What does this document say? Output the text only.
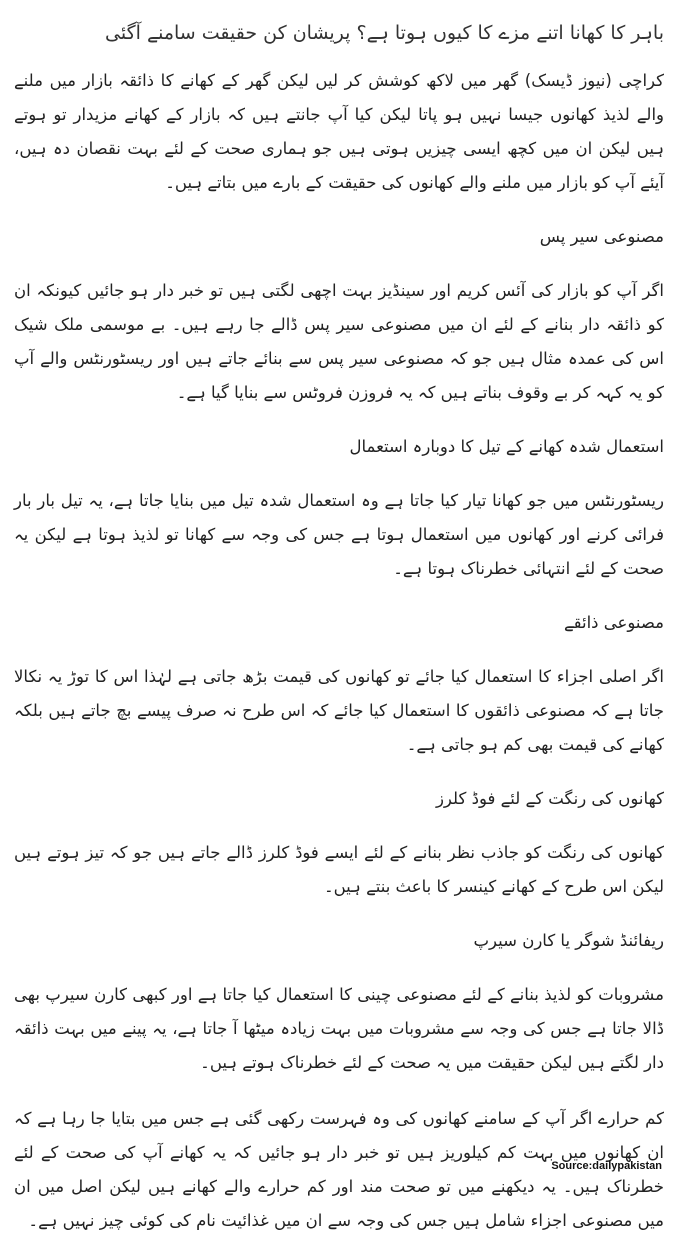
باہر کا کھانا اتنے مزے کا کیوں ہوتا ہے؟ پریشان کن حقیقت سامنے آگئی

کراچی (نیوز ڈیسک) گھر میں لاکھ کوشش کر لیں لیکن گھر کے کھانے کا ذائقہ بازار میں ملنے والے لذیذ کھانوں جیسا نہیں ہو پاتا لیکن کیا آپ جانتے ہیں کہ بازار کے کھانے مزیدار تو ہوتے ہیں لیکن ان میں کچھ ایسی چیزیں ہوتی ہیں جو ہماری صحت کے لئے بہت نقصان دہ ہیں، آیئے آپ کو بازار میں ملنے والے کھانوں کی حقیقت کے بارے میں بتاتے ہیں۔

مصنوعی سیر پس

اگر آپ کو بازار کی آئس کریم اور سینڈیز بہت اچھی لگتی ہیں تو خبر دار ہو جائیں کیونکہ ان کو ذائقہ دار بنانے کے لئے ان میں مصنوعی سیر پس ڈالے جا رہے ہیں۔ بے موسمی ملک شیک اس کی عمدہ مثال ہیں جو کہ مصنوعی سیر پس سے بنائے جاتے ہیں اور ریسٹورنٹس والے آپ کو یہ کہہ کر بے وقوف بناتے ہیں کہ یہ فروزن فروٹس سے بنایا گیا ہے۔

استعمال شدہ کھانے کے تیل کا دوبارہ استعمال

ریسٹورنٹس میں جو کھانا تیار کیا جاتا ہے وہ استعمال شدہ تیل میں بنایا جاتا ہے، یہ تیل بار بار فرائی کرنے اور کھانوں میں استعمال ہوتا ہے جس کی وجہ سے کھانا تو لذیذ ہوتا ہے لیکن یہ صحت کے لئے انتہائی خطرناک ہوتا ہے۔

مصنوعی ذائقے

اگر اصلی اجزاء کا استعمال کیا جائے تو کھانوں کی قیمت بڑھ جاتی ہے لہٰذا اس کا توڑ یہ نکالا جاتا ہے کہ مصنوعی ذائقوں کا استعمال کیا جائے کہ اس طرح نہ صرف پیسے بچ جاتے ہیں بلکہ کھانے کی قیمت بھی کم ہو جاتی ہے۔

کھانوں کی رنگت کے لئے فوڈ کلرز

کھانوں کی رنگت کو جاذب نظر بنانے کے لئے ایسے فوڈ کلرز ڈالے جاتے ہیں جو کہ تیز ہوتے ہیں لیکن اس طرح کے کھانے کینسر کا باعث بنتے ہیں۔

ریفائنڈ شوگر یا کارن سیرپ

مشروبات کو لذیذ بنانے کے لئے مصنوعی چینی کا استعمال کیا جاتا ہے اور کبھی کارن سیرپ بھی ڈالا جاتا ہے جس کی وجہ سے مشروبات میں بہت زیادہ میٹھا آ جاتا ہے، یہ پینے میں بہت ذائقہ دار لگتے ہیں لیکن حقیقت میں یہ صحت کے لئے خطرناک ہوتے ہیں۔

کم حرارے اگر آپ کے سامنے کھانوں کی وہ فہرست رکھی گئی ہے جس میں بتایا جا رہا ہے کہ ان کھانوں میں بہت کم کیلوریز ہیں تو خبر دار ہو جائیں کہ یہ کھانے آپ کی صحت کے لئے خطرناک ہیں۔ یہ دیکھنے میں تو صحت مند اور کم حرارے والے کھانے ہیں لیکن اصل میں ان میں مصنوعی اجزاء شامل ہیں جس کی وجہ سے ان میں غذائیت نام کی کوئی چیز نہیں ہے۔

Source:dailypakistan
